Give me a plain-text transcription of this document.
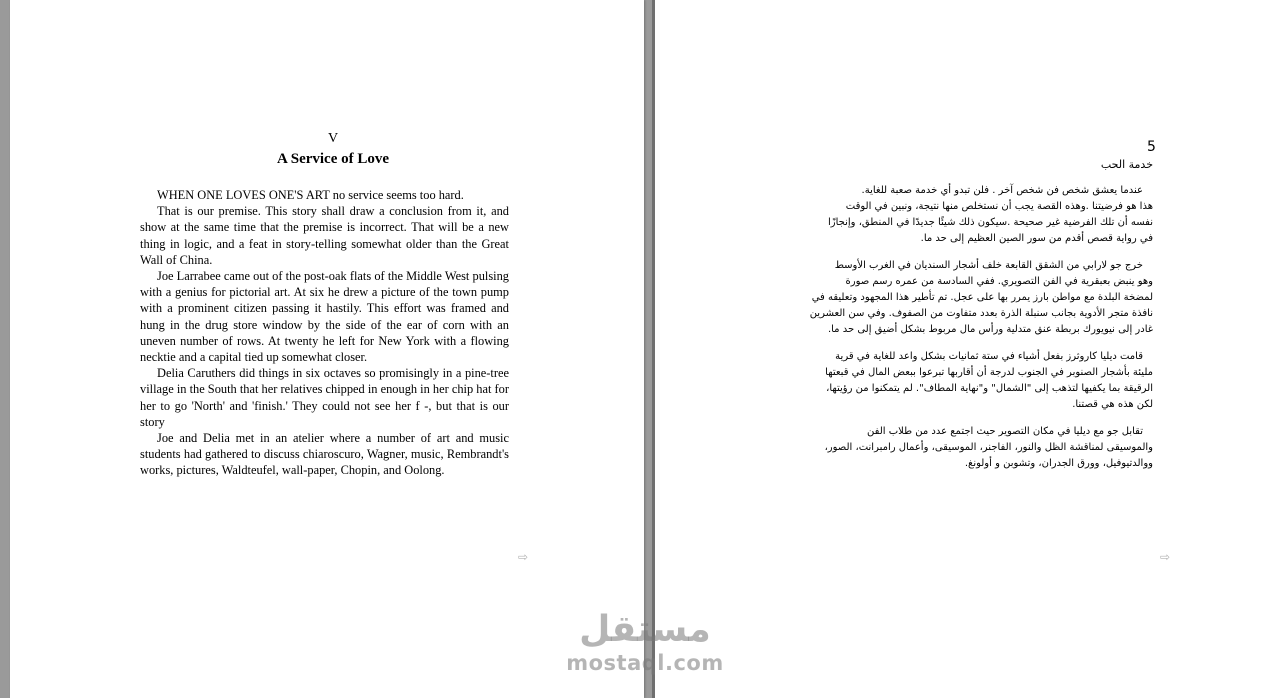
V
A Service of Love

WHEN ONE LOVES ONE'S ART no service seems too hard.

That is our premise. This story shall draw a conclusion from it, and show at the same time that the premise is incorrect. That will be a new thing in logic, and a feat in story-telling somewhat older than the Great Wall of China.

Joe Larrabee came out of the post-oak flats of the Middle West pulsing with a genius for pictorial art. At six he drew a picture of the town pump with a prominent citizen passing it hastily. This effort was framed and hung in the drug store window by the side of the ear of corn with an uneven number of rows. At twenty he left for New York with a flowing necktie and a capital tied up somewhat closer.

Delia Caruthers did things in six octaves so promisingly in a pine-tree village in the South that her relatives chipped in enough in her chip hat for her to go 'North' and 'finish.' They could not see her f -, but that is our story

Joe and Delia met in an atelier where a number of art and music students had gathered to discuss chiaroscuro, Wagner, music, Rembrandt's works, pictures, Waldteufel, wall-paper, Chopin, and Oolong.

⇨
5
خدمة الحب

عندما يعشق شخص فن شخص آخر . فلن تبدو أي خدمة صعبة للغاية.
هذا هو فرضيتنا .وهذه القصة يجب أن نستخلص منها نتيجة، ونبين في الوقت
نفسه أن تلك الفرضية غير صحيحة .سيكون ذلك شيئًا جديدًا في المنطق، وإنجازًا
في رواية قصص أقدم من سور الصين العظيم إلى حد ما.

خرج جو لارابي من الشقق القابعة خلف أشجار السنديان في الغرب الأوسط
وهو ينبض بعبقرية في الفن التصويري. ففي السادسة من عمره رسم صورة
لمضخة البلدة مع مواطن بارز يمرر بها على عجل. تم تأطير هذا المجهود وتعليقه في
نافذة متجر الأدوية بجانب سنبلة الذرة بعدد متفاوت من الصفوف. وفي سن العشرين
غادر إلى نيويورك بربطة عنق متدلية ورأس مال مربوط بشكل أضيق إلى حد ما.

قامت ديليا كاروثرز بفعل أشياء في ستة ثمانيات بشكل واعد للغاية في قرية
مليئة بأشجار الصنوبر في الجنوب لدرجة أن أقاربها تبرعوا ببعض المال في قبعتها
الرقيقة بما يكفيها لتذهب إلى "الشمال" و"نهاية المطاف". لم يتمكنوا من رؤيتها،
لكن هذه هي قصتنا.

تقابل جو مع ديليا في مكان التصوير حيث اجتمع عدد من طلاب الفن
والموسيقى لمناقشة الظل والنور، الفاجنر، الموسيقى، وأعمال رامبرانت، الصور،
ووالدتيوفيل، وورق الجدران، وتشوبن و أولونغ.

⇨
مستقل
mostaql.com
